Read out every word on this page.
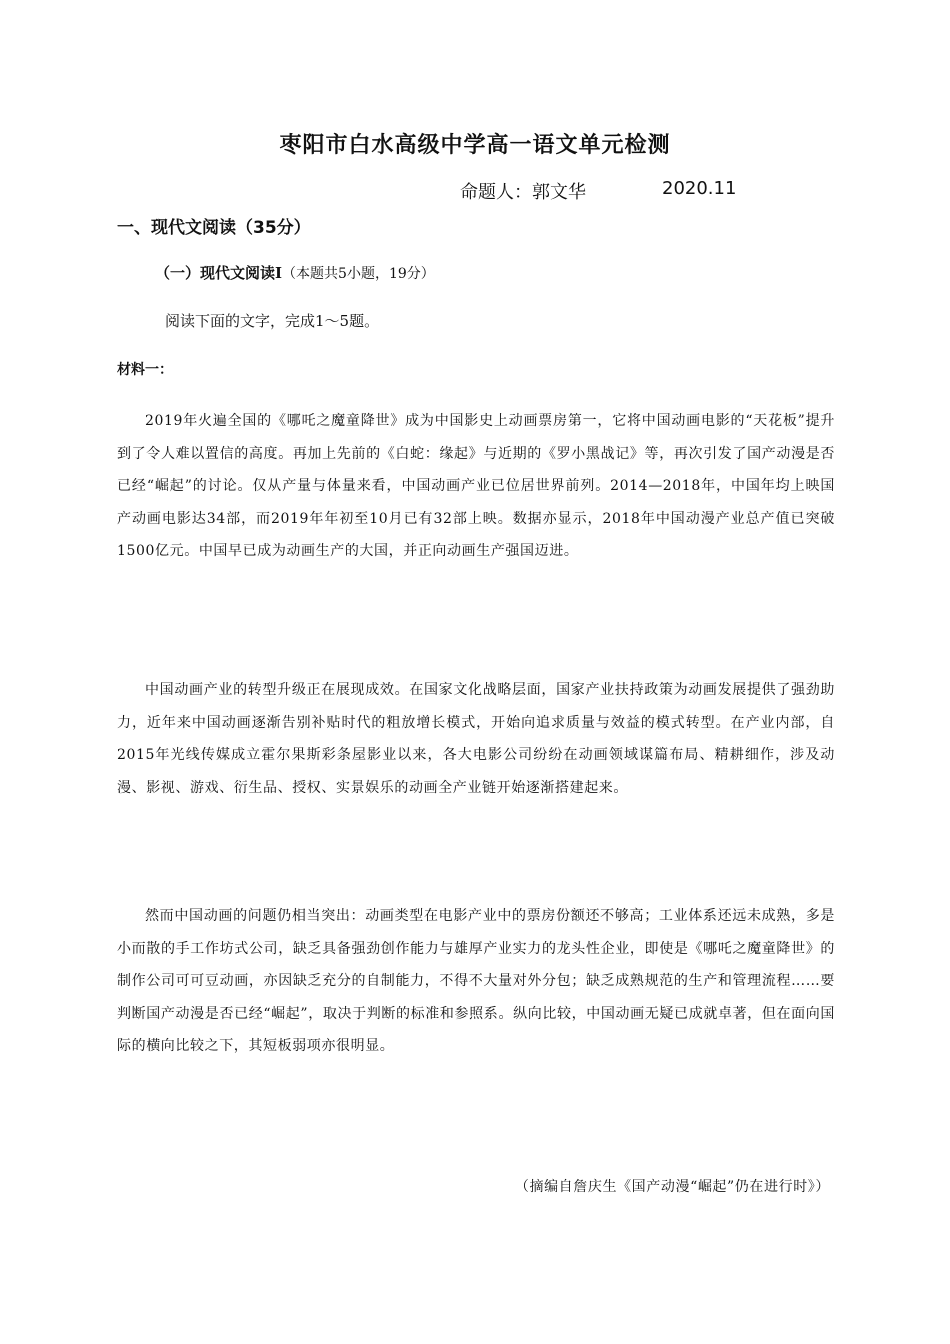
枣阳市白水高级中学高一语文单元检测
命题人：郭文华	2020.11
一、现代文阅读（35分）
（一）现代文阅读Ⅰ（本题共5小题，19分）
阅读下面的文字，完成1～5题。
材料一：
2019年火遍全国的《哪吒之魔童降世》成为中国影史上动画票房第一，它将中国动画电影的“天花板”提升到了令人难以置信的高度。再加上先前的《白蛇：缘起》与近期的《罗小黑战记》等，再次引发了国产动漫是否已经“崛起”的讨论。仅从产量与体量来看，中国动画产业已位居世界前列。2014—2018年，中国年均上映国产动画电影达34部，而2019年年初至10月已有32部上映。数据亦显示，2018年中国动漫产业总产值已突破1500亿元。中国早已成为动画生产的大国，并正向动画生产强国迈进。
中国动画产业的转型升级正在展现成效。在国家文化战略层面，国家产业扶持政策为动画发展提供了强劲助力，近年来中国动画逐渐告别补贴时代的粗放增长模式，开始向追求质量与效益的模式转型。在产业内部，自2015年光线传媒成立霍尔果斯彩条屋影业以来，各大电影公司纷纷在动画领域谋篇布局、精耕细作，涉及动漫、影视、游戏、衍生品、授权、实景娱乐的动画全产业链开始逐渐搭建起来。
然而中国动画的问题仍相当突出：动画类型在电影产业中的票房份额还不够高；工业体系还远未成熟，多是小而散的手工作坊式公司，缺乏具备强劲创作能力与雄厚产业实力的龙头性企业，即使是《哪吒之魔童降世》的制作公司可可豆动画，亦因缺乏充分的自制能力，不得不大量对外分包；缺乏成熟规范的生产和管理流程……要判断国产动漫是否已经“崛起”，取决于判断的标准和参照系。纵向比较，中国动画无疑已成就卓著，但在面向国际的横向比较之下，其短板弱项亦很明显。
（摘编自詹庆生《国产动漫“崛起”仍在进行时》）
